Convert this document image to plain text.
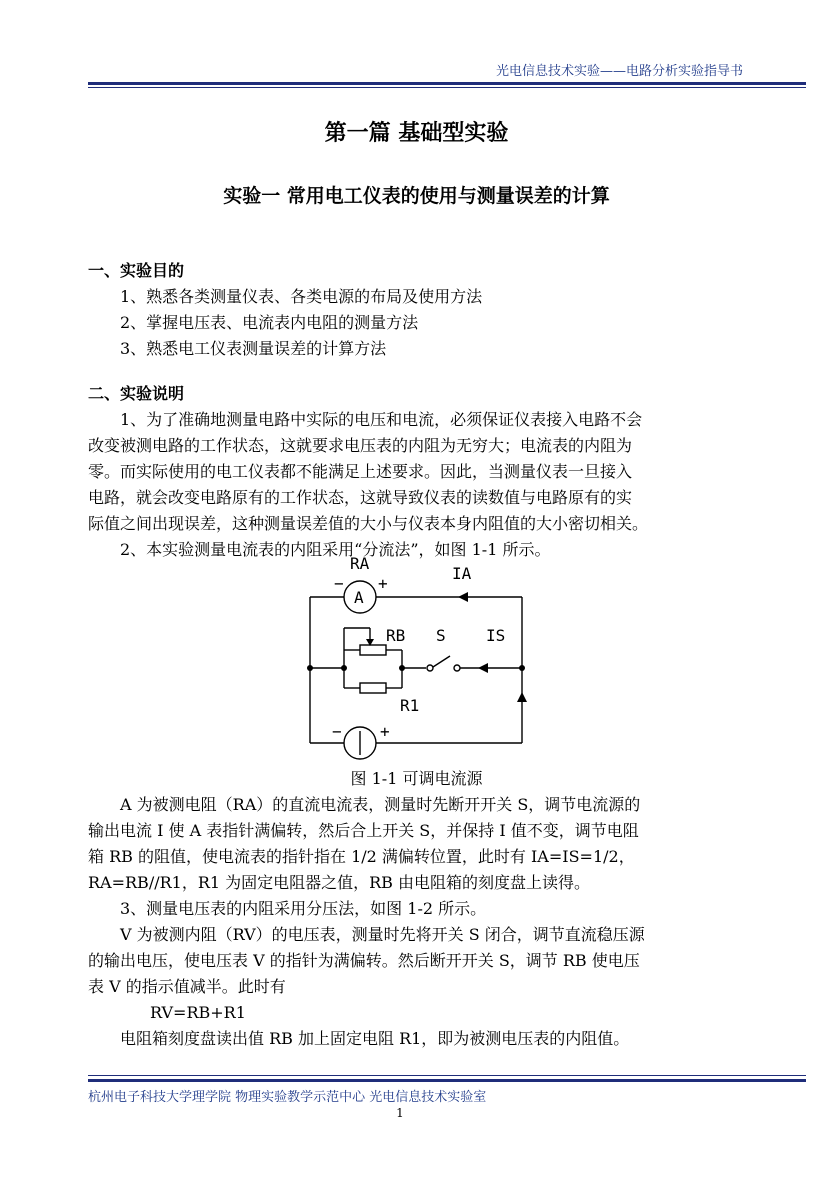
光电信息技术实验——电路分析实验指导书
第一篇 基础型实验
实验一 常用电工仪表的使用与测量误差的计算
一、实验目的
1、熟悉各类测量仪表、各类电源的布局及使用方法
2、掌握电压表、电流表内电阻的测量方法
3、熟悉电工仪表测量误差的计算方法
二、实验说明
1、为了准确地测量电路中实际的电压和电流，必须保证仪表接入电路不会
改变被测电路的工作状态，这就要求电压表的内阻为无穷大；电流表的内阻为
零。而实际使用的电工仪表都不能满足上述要求。因此，当测量仪表一旦接入
电路，就会改变电路原有的工作状态，这就导致仪表的读数值与电路原有的实
际值之间出现误差，这种测量误差值的大小与仪表本身内阻值的大小密切相关。
2、本实验测量电流表的内阻采用“分流法”，如图 1-1 所示。
RA
A
− +
IA
RB S	IS
R1
− +
图 1-1 可调电流源
A 为被测电阻（RA）的直流电流表，测量时先断开开关 S，调节电流源的
输出电流 I 使 A 表指针满偏转，然后合上开关 S，并保持 I 值不变，调节电阻
箱 RB 的阻值，使电流表的指针指在 1/2 满偏转位置，此时有 IA=IS=1/2，
RA=RB//R1，R1 为固定电阻器之值，RB 由电阻箱的刻度盘上读得。
3、测量电压表的内阻采用分压法，如图 1-2 所示。
V 为被测内阻（RV）的电压表，测量时先将开关 S 闭合，调节直流稳压源
的输出电压，使电压表 V 的指针为满偏转。然后断开开关 S，调节 RB 使电压
表 V 的指示值减半。此时有
RV=RB+R1
电阻箱刻度盘读出值 RB 加上固定电阻 R1，即为被测电压表的内阻值。
杭州电子科技大学理学院 物理实验教学示范中心 光电信息技术实验室
1
